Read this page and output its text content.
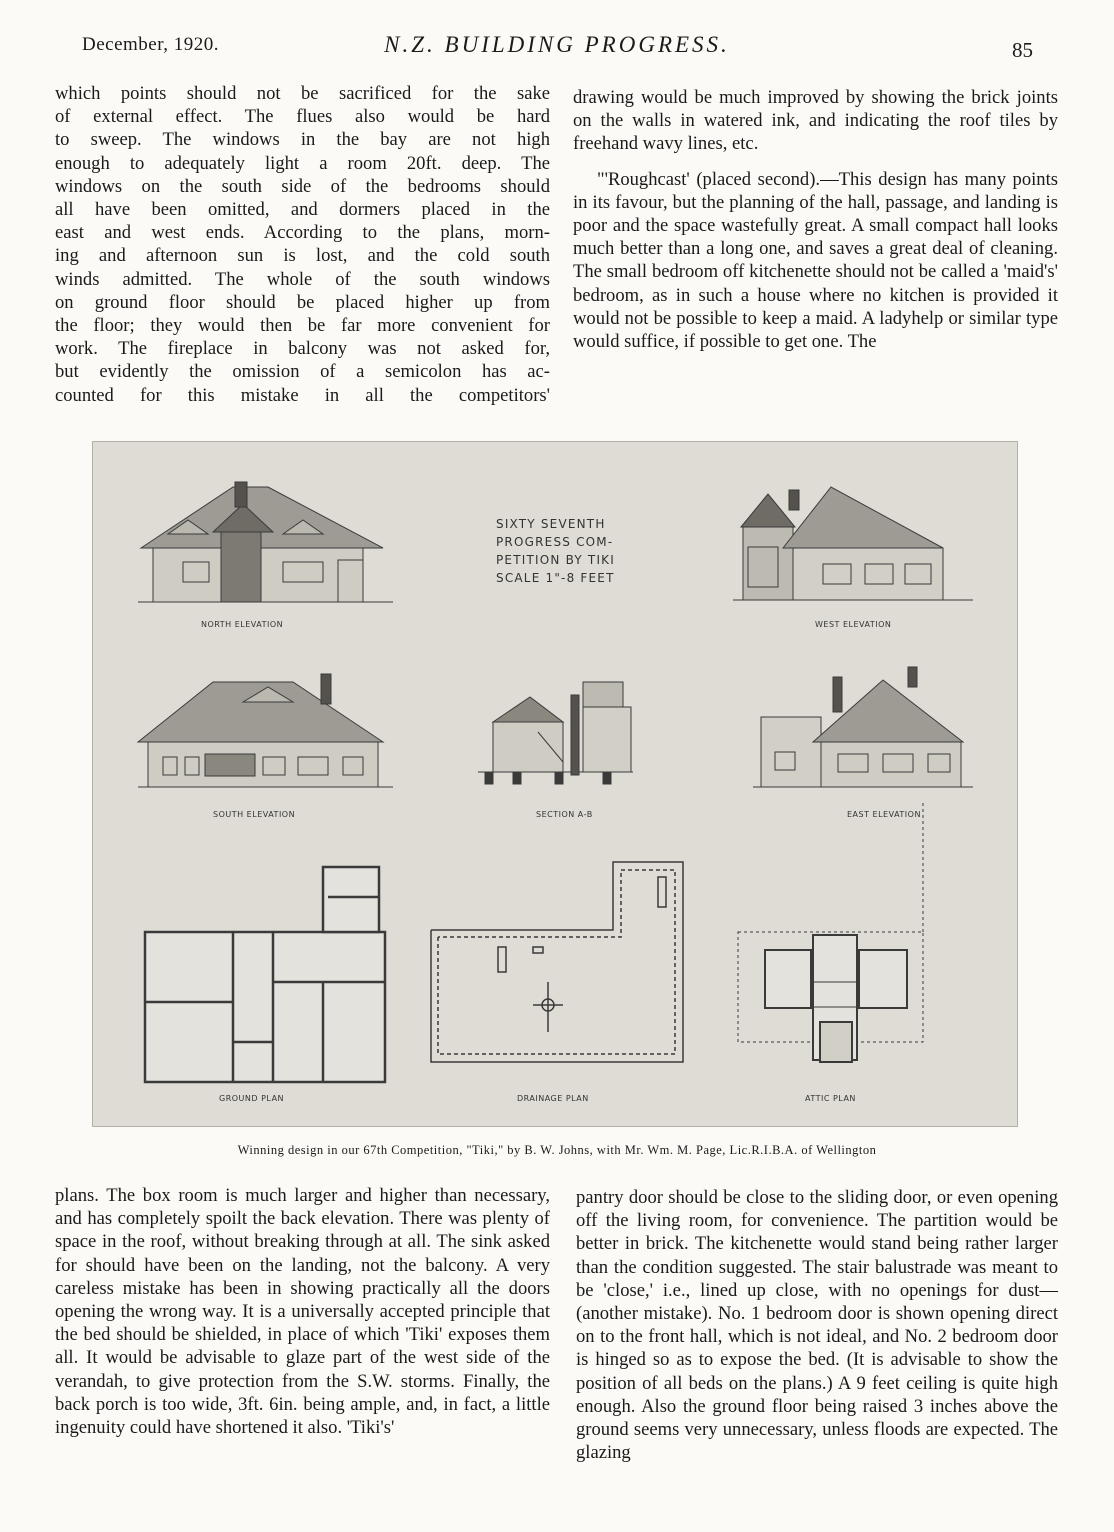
December, 1920.	N.Z. BUILDING PROGRESS.	85
which points should not be sacrificed for the sake
of external effect. The flues also would be hard
to sweep. The windows in the bay are not high
enough to adequately light a room 20ft. deep. The
windows on the south side of the bedrooms should
all have been omitted, and dormers placed in the
east and west ends. According to the plans, morn-
ing and afternoon sun is lost, and the cold south
winds admitted. The whole of the south windows
on ground floor should be placed higher up from
the floor; they would then be far more convenient for
work. The fireplace in balcony was not asked for,
but evidently the omission of a semicolon has ac-
counted for this mistake in all the competitors'

drawing would be much improved by showing the brick joints on the walls in watered ink, and indicating the roof tiles by freehand wavy lines, etc.

"'Roughcast' (placed second).—This design has many points in its favour, but the planning of the hall, passage, and landing is poor and the space wastefully great. A small compact hall looks much better than a long one, and saves a great deal of cleaning. The small bedroom off kitchenette should not be called a 'maid's' bedroom, as in such a house where no kitchen is provided it would not be possible to keep a maid. A ladyhelp or similar type would suffice, if possible to get one. The

SIXTY SEVENTH
PROGRESS COM-
PETITION BY TIKI
SCALE 1"-8 FEET
NORTH ELEVATION	WEST ELEVATION
SOUTH ELEVATION	SECTION A-B	EAST ELEVATION
GROUND PLAN	DRAINAGE PLAN	ATTIC PLAN
Winning design in our 67th Competition, "Tiki," by B. W. Johns, with Mr. Wm. M. Page, Lic.R.I.B.A. of Wellington

plans. The box room is much larger and higher than necessary, and has completely spoilt the back elevation. There was plenty of space in the roof, without breaking through at all. The sink asked for should have been on the landing, not the balcony. A very careless mistake has been in showing practically all the doors opening the wrong way. It is a universally accepted principle that the bed should be shielded, in place of which 'Tiki' exposes them all. It would be advisable to glaze part of the west side of the verandah, to give protection from the S.W. storms. Finally, the back porch is too wide, 3ft. 6in. being ample, and, in fact, a little ingenuity could have shortened it also. 'Tiki's'

pantry door should be close to the sliding door, or even opening off the living room, for convenience. The partition would be better in brick. The kitchenette would stand being rather larger than the condition suggested. The stair balustrade was meant to be 'close,' i.e., lined up close, with no openings for dust—(another mistake). No. 1 bedroom door is shown opening direct on to the front hall, which is not ideal, and No. 2 bedroom door is hinged so as to expose the bed. (It is advisable to show the position of all beds on the plans.) A 9 feet ceiling is quite high enough. Also the ground floor being raised 3 inches above the ground seems very unnecessary, unless floods are expected. The glazing
